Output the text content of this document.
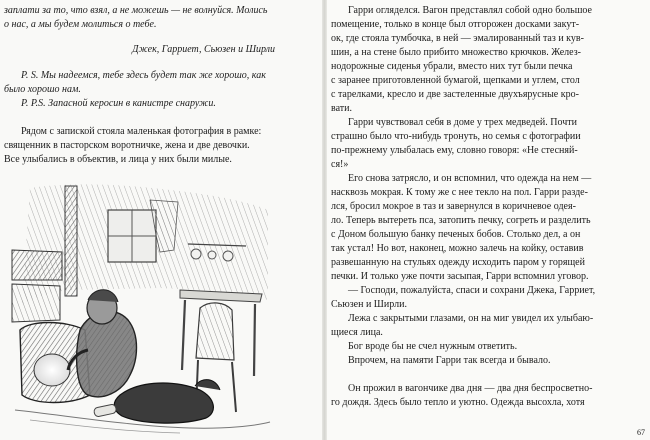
заплати за то, что взял, а не можешь — не волнуйся. Молись
о нас, а мы будем молиться о тебе.
Джек, Гарриет, Сьюзен и Ширли
P. S. Мы надеемся, тебе здесь будет так же хорошо, как
было хорошо нам.
P. P.S. Запасной керосин в канистре снаружи.
Рядом с запиской стояла маленькая фотография в рамке:
священник в пасторском воротничке, жена и две девочки.
Все улыбались в объектив, и лица у них были милые.
Гарри огляделся. Вагон представлял собой одно большое
помещение, только в конце был отгорожен досками закут-
ок, где стояла тумбочка, в ней — эмалированный таз и кув-
шин, а на стене было прибито множество крючков. Желез-
нодорожные сиденья убрали, вместо них тут были печка
с заранее приготовленной бумагой, щепками и углем, стол
с тарелками, кресло и две застеленные двухъярусные кро-
вати.
Гарри чувствовал себя в доме у трех медведей. Почти
страшно было что-нибудь тронуть, но семья с фотографии
по-прежнему улыбалась ему, словно говоря: «Не стесняй-
ся!»
Его снова затрясло, и он вспомнил, что одежда на нем —
насквозь мокрая. К тому же с нее текло на пол. Гарри разде-
лся, бросил мокрое в таз и завернулся в коричневое одея-
ло. Теперь вытереть пса, затопить печку, согреть и разделить
с Доном большую банку печеных бобов. Столько дел, а он
так устал! Но вот, наконец, можно залечь на койку, оставив
развешанную на стульях одежду исходить паром у горящей
печки. И только уже почти засыпая, Гарри вспомнил уговор.
— Господи, пожалуйста, спаси и сохрани Джека, Гарриет,
Сьюзен и Ширли.
Лежа с закрытыми глазами, он на миг увидел их улыбаю-
щиеся лица.
Бог вроде бы не счел нужным ответить.
Впрочем, на памяти Гарри так всегда и бывало.
Он прожил в вагончике два дня — два дня беспросветно-
го дождя. Здесь было тепло и уютно. Одежда высохла, хотя
67
